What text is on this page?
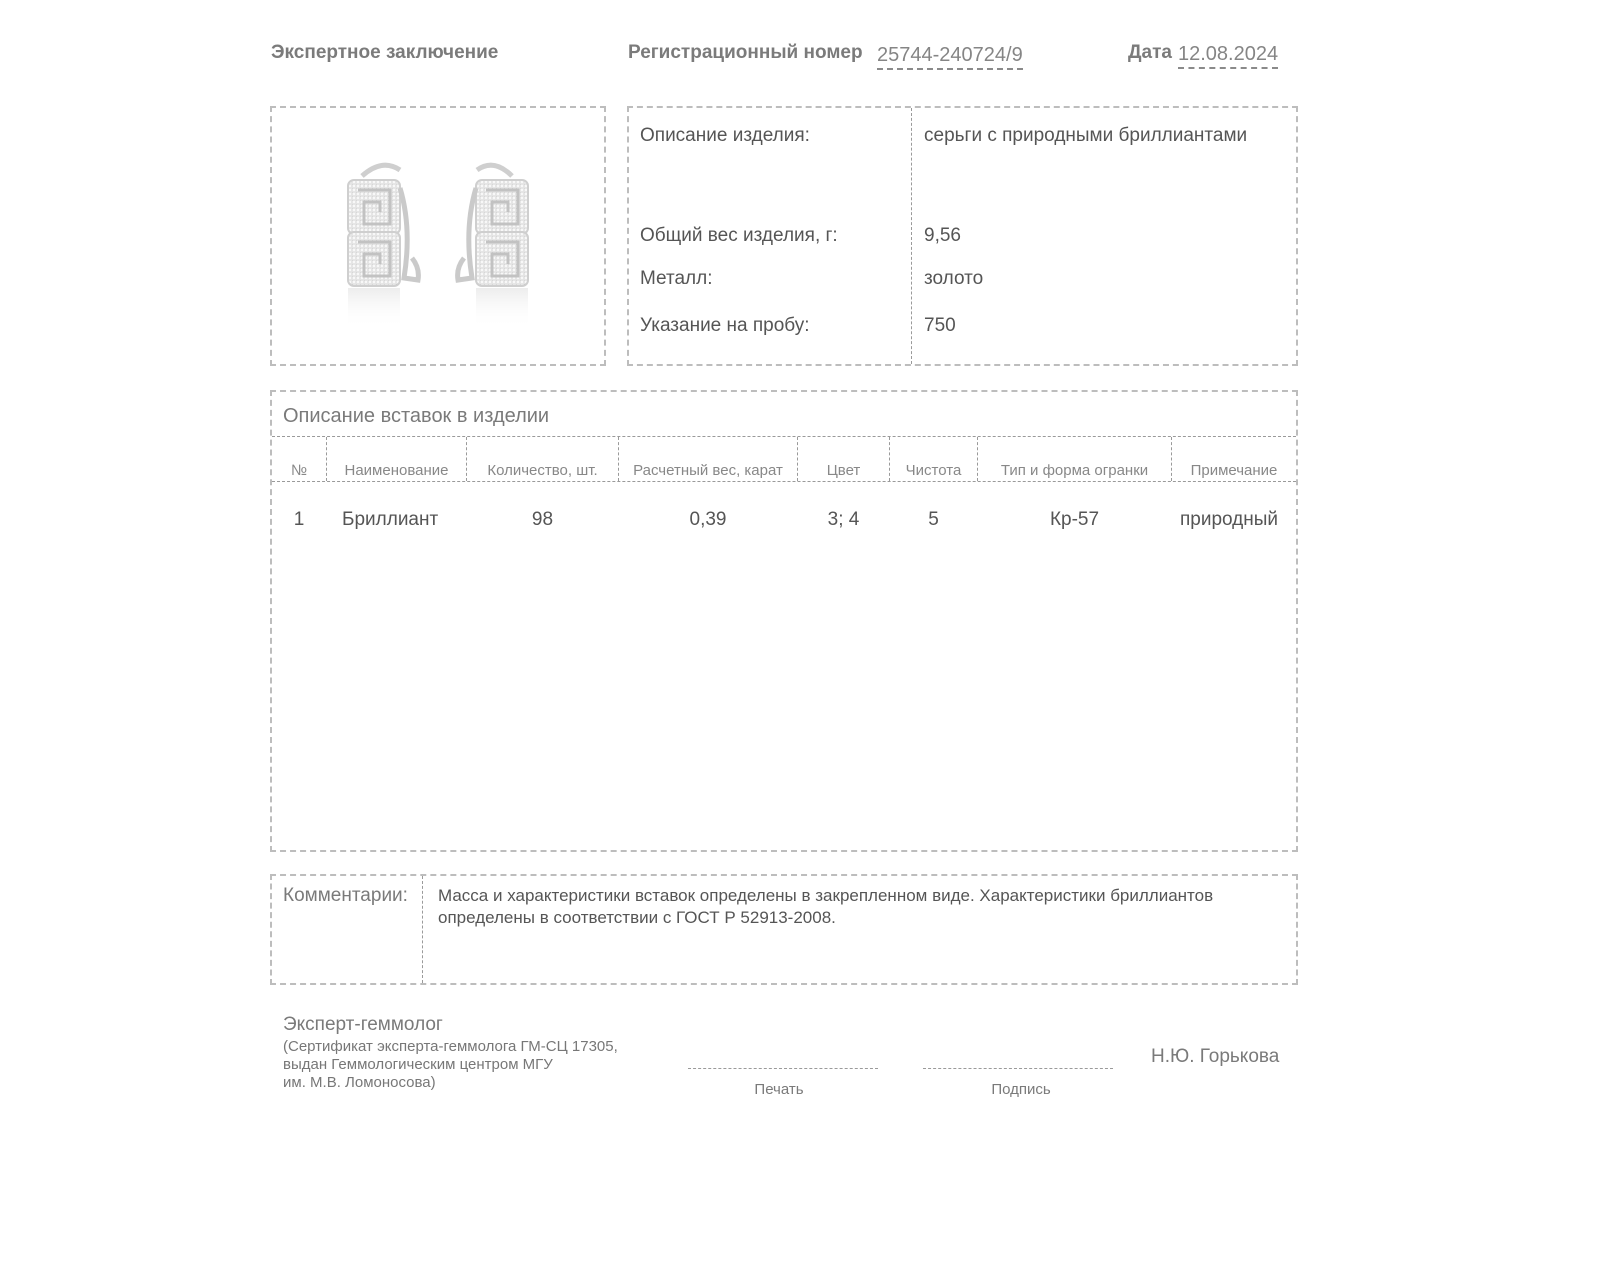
Экспертное заключение	Регистрационный номер 25744-240724/9	Дата 12.08.2024
Описание изделия:	серьги с природными бриллиантами
Общий вес изделия, г:	9,56
Металл:	золото
Указание на пробу:	750
Описание вставок в изделии
№	Наименование	Количество, шт.	Расчетный вес, карат	Цвет	Чистота	Тип и форма огранки	Примечание
1	Бриллиант	98	0,39	3; 4	5	Кр-57	природный
Комментарии: Масса и характеристики вставок определены в закрепленном виде. Характеристики бриллиантов
определены в соответствии с ГОСТ Р 52913-2008.
Эксперт-геммолог
(Сертификат эксперта-геммолога ГМ-СЦ 17305,
выдан Геммологическим центром МГУ
им. М.В. Ломоносова)	Печать	Подпись
Н.Ю. Горькова
